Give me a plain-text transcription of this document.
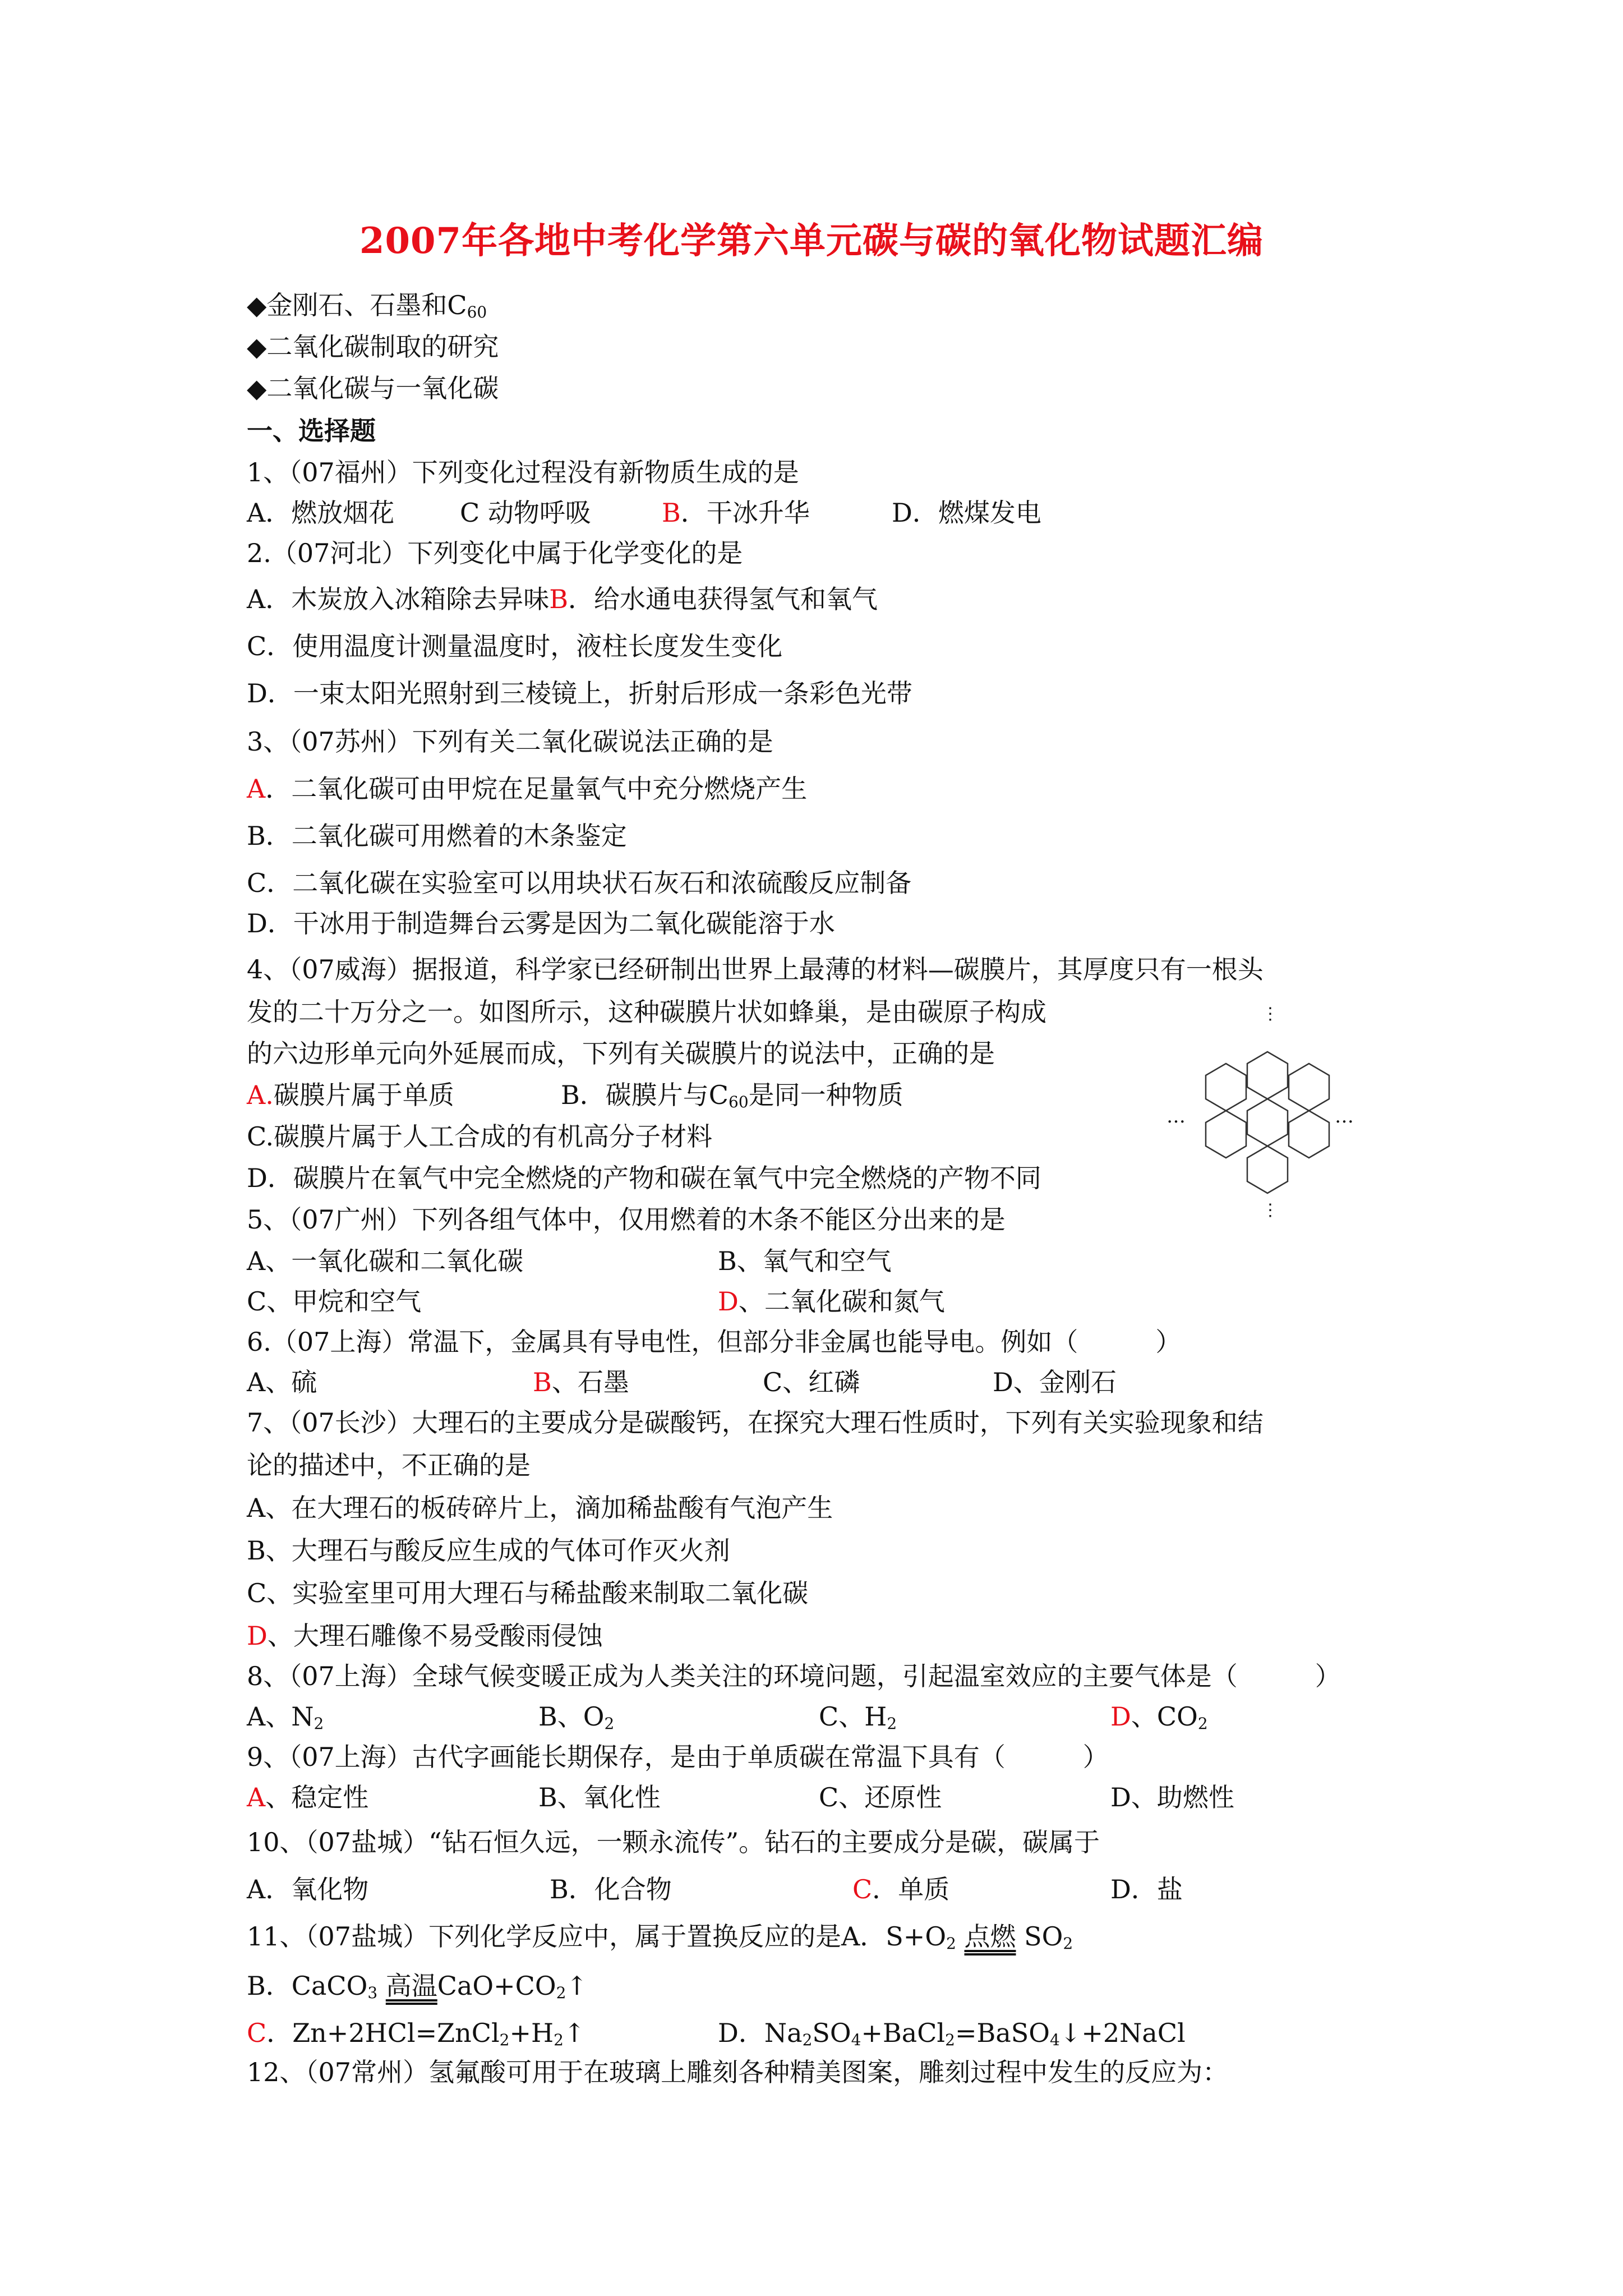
2007年各地中考化学第六单元碳与碳的氧化物试题汇编
◆金刚石、石墨和$C_{60}$
◆二氧化碳制取的研究
◆二氧化碳与一氧化碳
一、选择题
1、（07福州）下列变化过程没有新物质生成的是
A．燃放烟花	C 动物呼吸	B．干冰升华	D．燃煤发电
2.（07河北）下列变化中属于化学变化的是
A．木炭放入冰箱除去异味B．给水通电获得氢气和氧气
C．使用温度计测量温度时，液柱长度发生变化
D．一束太阳光照射到三棱镜上，折射后形成一条彩色光带
3、（07苏州）下列有关二氧化碳说法正确的是
A．二氧化碳可由甲烷在足量氧气中充分燃烧产生
B．二氧化碳可用燃着的木条鉴定
C．二氧化碳在实验室可以用块状石灰石和浓硫酸反应制备
D．干冰用于制造舞台云雾是因为二氧化碳能溶于水
4、（07威海）据报道，科学家已经研制出世界上最薄的材料—碳膜片，其厚度只有一根头
发的二十万分之一。如图所示，这种碳膜片状如蜂巢，是由碳原子构成
的六边形单元向外延展而成，下列有关碳膜片的说法中，正确的是
A.碳膜片属于单质	B．碳膜片与$C_{60}$是同一种物质
C.碳膜片属于人工合成的有机高分子材料
D．碳膜片在氧气中完全燃烧的产物和碳在氧气中完全燃烧的产物不同
⋮
⋮
…	…
5、（07广州）下列各组气体中，仅用燃着的木条不能区分出来的是
A、一氧化碳和二氧化碳	B、氧气和空气
C、甲烷和空气	D、二氧化碳和氮气
6.（07上海）常温下，金属具有导电性，但部分非金属也能导电。例如（　　　）
A、硫	B、石墨	C、红磷	D、金刚石
7、（07长沙）大理石的主要成分是碳酸钙，在探究大理石性质时，下列有关实验现象和结
论的描述中，不正确的是
A、在大理石的板砖碎片上，滴加稀盐酸有气泡产生
B、大理石与酸反应生成的气体可作灭火剂
C、实验室里可用大理石与稀盐酸来制取二氧化碳
D、大理石雕像不易受酸雨侵蚀
8、（07上海）全球气候变暖正成为人类关注的环境问题，引起温室效应的主要气体是（　　　）
A、$N_2$	B、$O_2$	C、$H_2$	D、$CO_2$
9、（07上海）古代字画能长期保存，是由于单质碳在常温下具有（　　　）
A、稳定性	B、氧化性	C、还原性	D、助燃性
10、（07盐城）“钻石恒久远，一颗永流传”。钻石的主要成分是碳，碳属于
A．氧化物	B．化合物	C．单质	D．盐
11、（07盐城）下列化学反应中，属于置换反应的是A．$S+O_2$ 点燃 $SO_2$
B．CaCO$_3$ 高温$CaO+CO_2↑$
C．$Zn+2HCl=ZnCl_2+H_2↑$	D．$Na_2SO_4+BaCl_2=BaSO_4↓+2NaCl$
12、（07常州）氢氟酸可用于在玻璃上雕刻各种精美图案，雕刻过程中发生的反应为：
